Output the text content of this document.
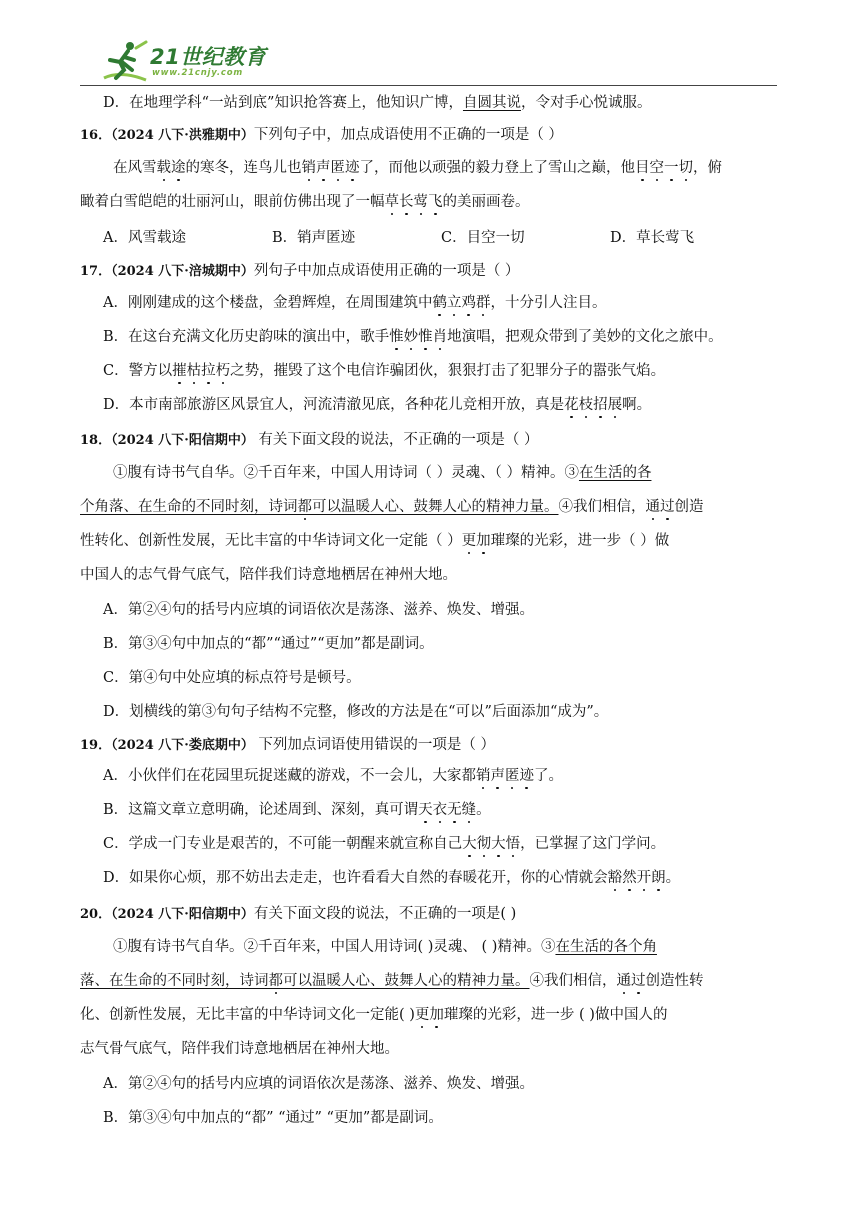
21世纪教育
www.21cnjy.com
D．在地理学科“一站到底”知识抢答赛上，他知识广博，自圆其说，令对手心悦诚服。
16．（2024 八下·洪雅期中）下列句子中，加点成语使用不正确的一项是（ ）
在风雪载途的寒冬，连鸟儿也销声匿迹了，而他以顽强的毅力登上了雪山之巅，他目空一切，俯
瞰着白雪皑皑的壮丽河山，眼前仿佛出现了一幅草长莺飞的美丽画卷。
A．风雪载途	B．销声匿迹	C．目空一切	D．草长莺飞
17．（2024 八下·涪城期中）列句子中加点成语使用正确的一项是（ ）
A．刚刚建成的这个楼盘，金碧辉煌，在周围建筑中鹤立鸡群，十分引人注目。
B．在这台充满文化历史韵味的演出中，歌手惟妙惟肖地演唱，把观众带到了美妙的文化之旅中。
C．警方以摧枯拉朽之势，摧毁了这个电信诈骗团伙，狠狠打击了犯罪分子的嚣张气焰。
D．本市南部旅游区风景宜人，河流清澈见底，各种花儿竞相开放，真是花枝招展啊。
18．（2024 八下·阳信期中） 有关下面文段的说法，不正确的一项是（ ）
①腹有诗书气自华。②千百年来，中国人用诗词（ ）灵魂、（ ）精神。③在生活的各
个角落、在生命的不同时刻，诗词都可以温暖人心、鼓舞人心的精神力量。④我们相信，通过创造
性转化、创新性发展，无比丰富的中华诗词文化一定能（ ）更加璀璨的光彩，进一步（ ）做
中国人的志气骨气底气，陪伴我们诗意地栖居在神州大地。
A．第②④句的括号内应填的词语依次是荡涤、滋养、焕发、增强。
B．第③④句中加点的“都”“通过”“更加”都是副词。
C．第④句中处应填的标点符号是顿号。
D．划横线的第③句句子结构不完整，修改的方法是在“可以”后面添加“成为”。
19．（2024 八下·娄底期中） 下列加点词语使用错误的一项是（ ）
A．小伙伴们在花园里玩捉迷藏的游戏，不一会儿，大家都销声匿迹了。
B．这篇文章立意明确，论述周到、深刻，真可谓天衣无缝。
C．学成一门专业是艰苦的，不可能一朝醒来就宣称自己大彻大悟，已掌握了这门学问。
D．如果你心烦，那不妨出去走走，也许看看大自然的春暖花开，你的心情就会豁然开朗。
20．（2024 八下·阳信期中）有关下面文段的说法，不正确的一项是( )
①腹有诗书气自华。②千百年来，中国人用诗词( )灵魂、 ( )精神。③在生活的各个角
落、在生命的不同时刻，诗词都可以温暖人心、鼓舞人心的精神力量。④我们相信，通过创造性转
化、创新性发展，无比丰富的中华诗词文化一定能( )更加璀璨的光彩，进一步 ( )做中国人的
志气骨气底气，陪伴我们诗意地栖居在神州大地。
A．第②④句的括号内应填的词语依次是荡涤、滋养、焕发、增强。
B．第③④句中加点的“都” “通过” “更加”都是副词。
